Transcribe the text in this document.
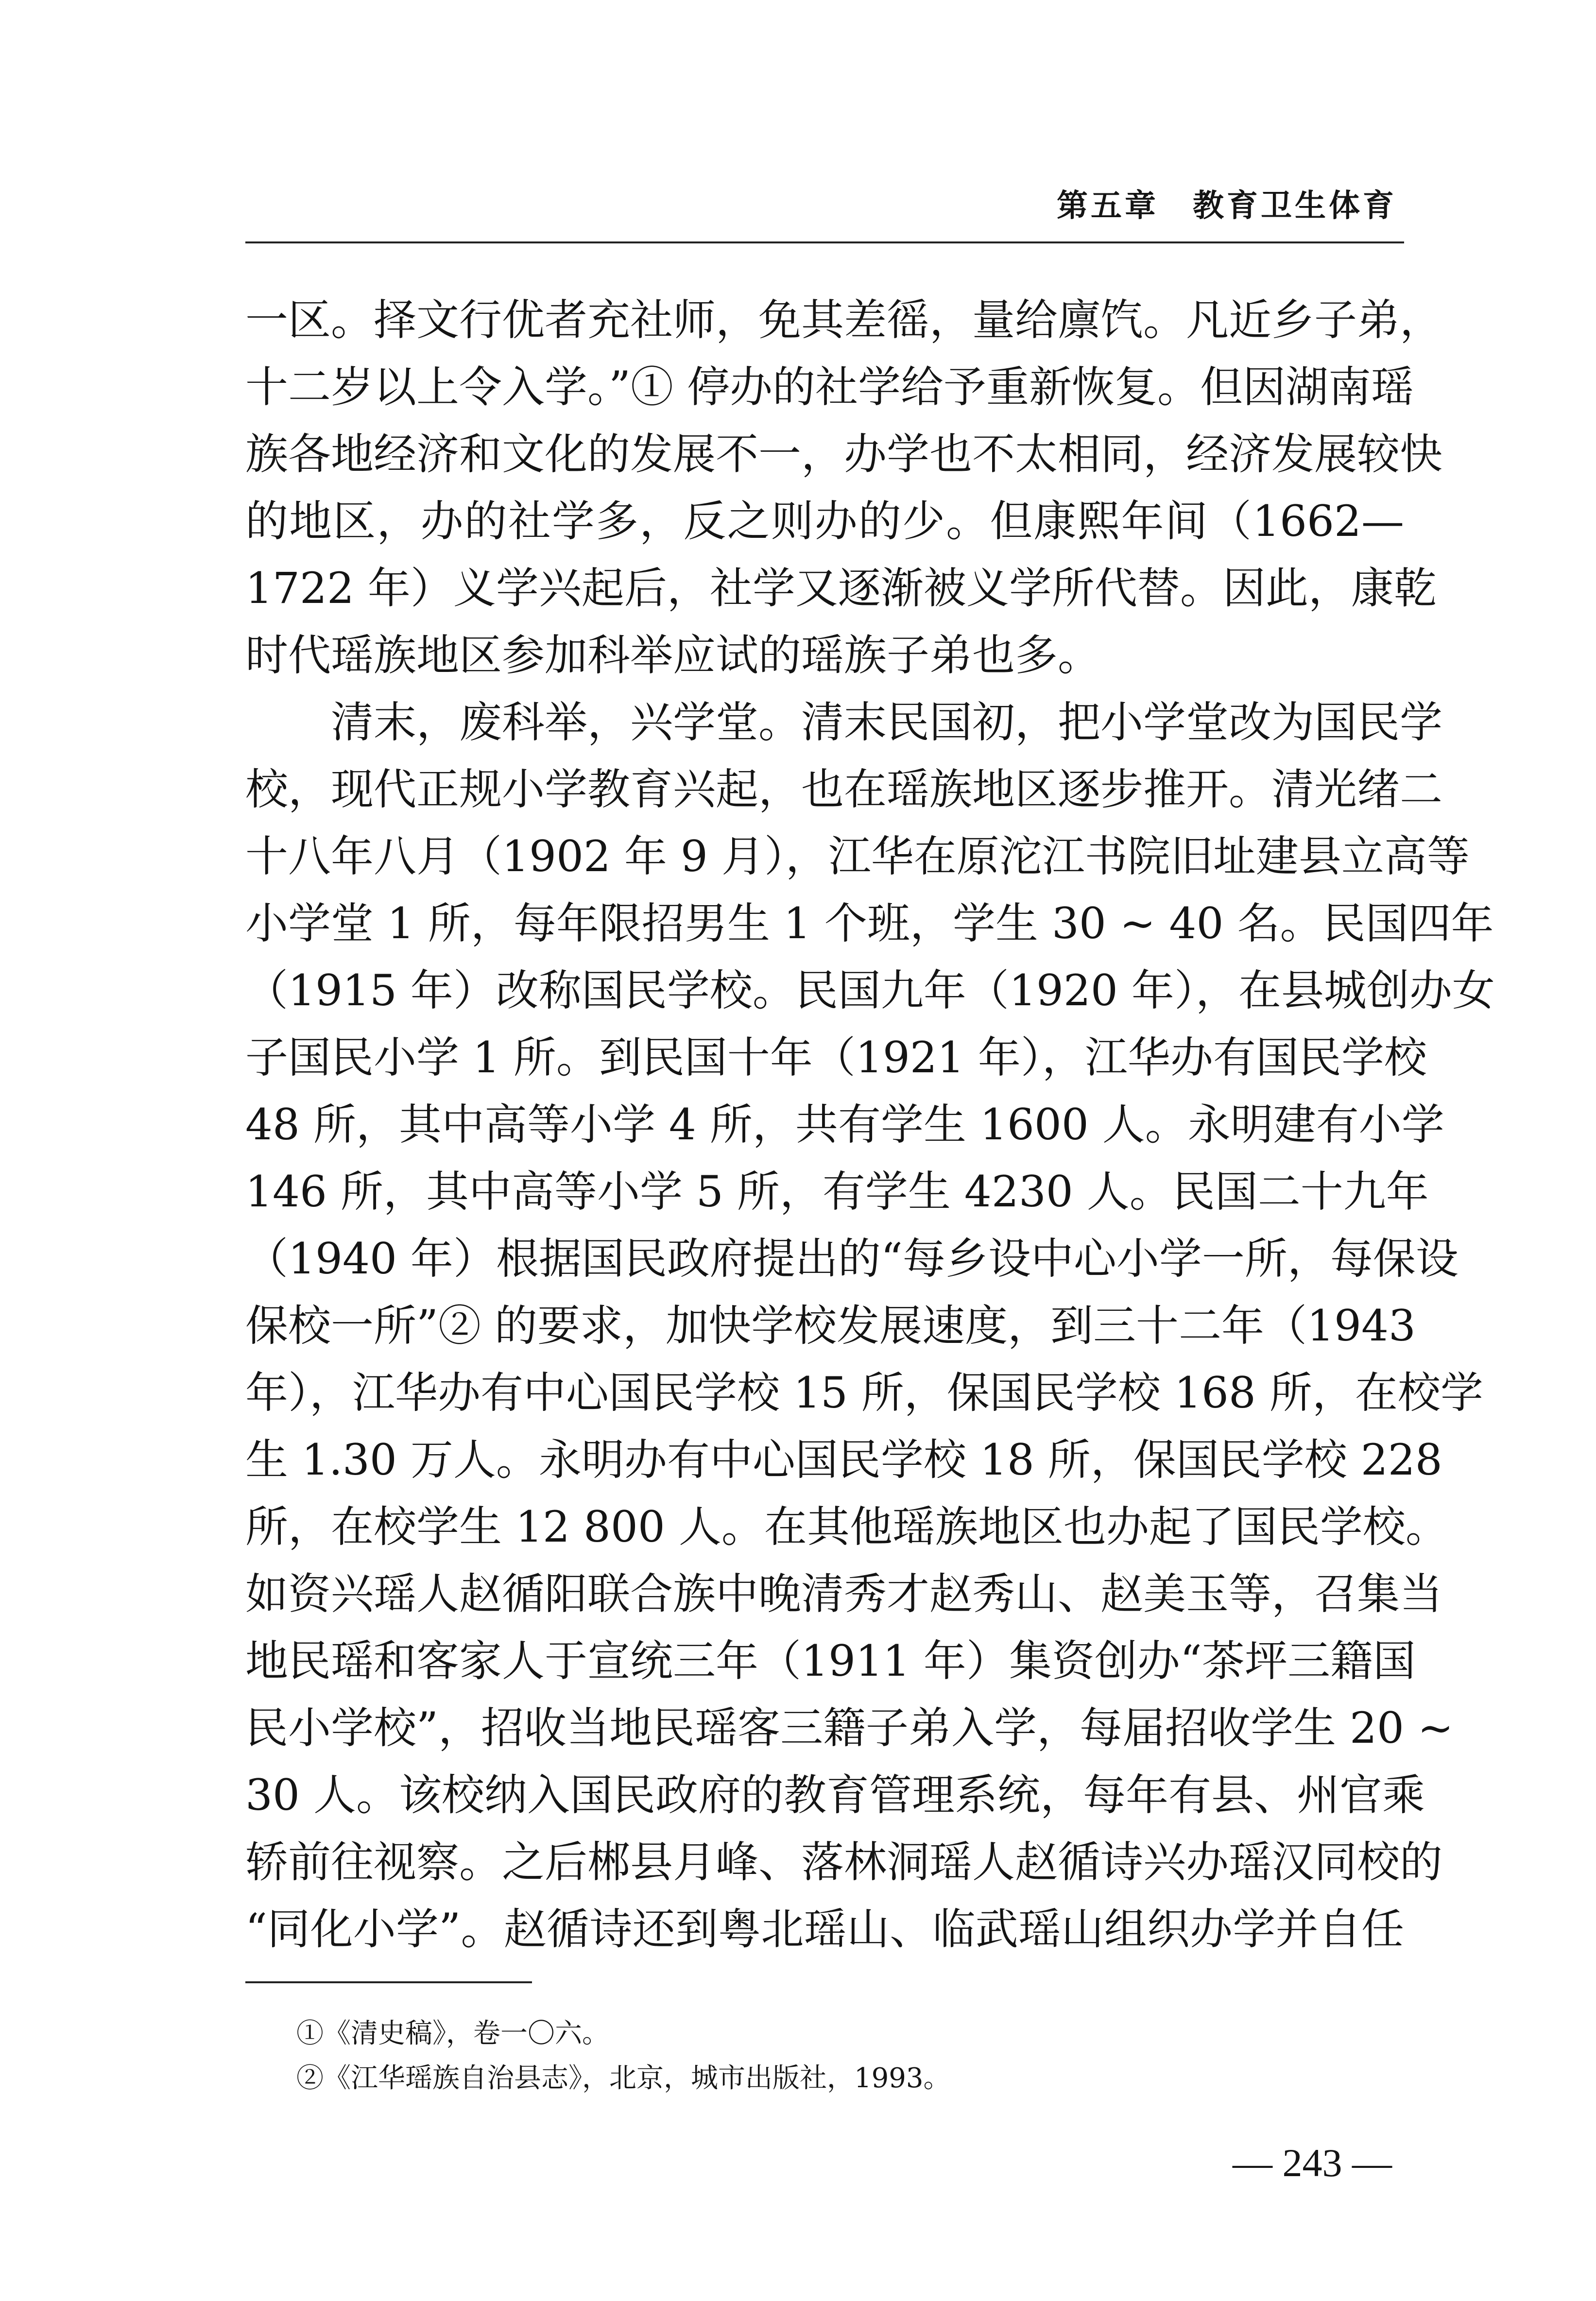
第五章　教育卫生体育
一区。择文行优者充社师，免其差徭，量给廪饩。凡近乡子弟，
十二岁以上令入学。”① 停办的社学给予重新恢复。但因湖南瑶
族各地经济和文化的发展不一，办学也不太相同，经济发展较快
的地区，办的社学多，反之则办的少。但康熙年间（1662—
1722 年）义学兴起后，社学又逐渐被义学所代替。因此，康乾
时代瑶族地区参加科举应试的瑶族子弟也多。
清末，废科举，兴学堂。清末民国初，把小学堂改为国民学
校，现代正规小学教育兴起，也在瑶族地区逐步推开。清光绪二
十八年八月（1902 年 9 月），江华在原沱江书院旧址建县立高等
小学堂 1 所，每年限招男生 1 个班，学生 30 ~ 40 名。民国四年
（1915 年）改称国民学校。民国九年（1920 年），在县城创办女
子国民小学 1 所。到民国十年（1921 年），江华办有国民学校
48 所，其中高等小学 4 所，共有学生 1600 人。永明建有小学
146 所，其中高等小学 5 所，有学生 4230 人。民国二十九年
（1940 年）根据国民政府提出的“每乡设中心小学一所，每保设
保校一所”② 的要求，加快学校发展速度，到三十二年（1943
年），江华办有中心国民学校 15 所，保国民学校 168 所，在校学
生 1.30 万人。永明办有中心国民学校 18 所，保国民学校 228
所，在校学生 12 800 人。在其他瑶族地区也办起了国民学校。
如资兴瑶人赵循阳联合族中晚清秀才赵秀山、赵美玉等，召集当
地民瑶和客家人于宣统三年（1911 年）集资创办“茶坪三籍国
民小学校”，招收当地民瑶客三籍子弟入学，每届招收学生 20 ~
30 人。该校纳入国民政府的教育管理系统，每年有县、州官乘
轿前往视察。之后郴县月峰、落林洞瑶人赵循诗兴办瑶汉同校的
“同化小学”。赵循诗还到粤北瑶山、临武瑶山组织办学并自任
①《清史稿》，卷一〇六。
②《江华瑶族自治县志》，北京，城市出版社，1993。
— 243 —
